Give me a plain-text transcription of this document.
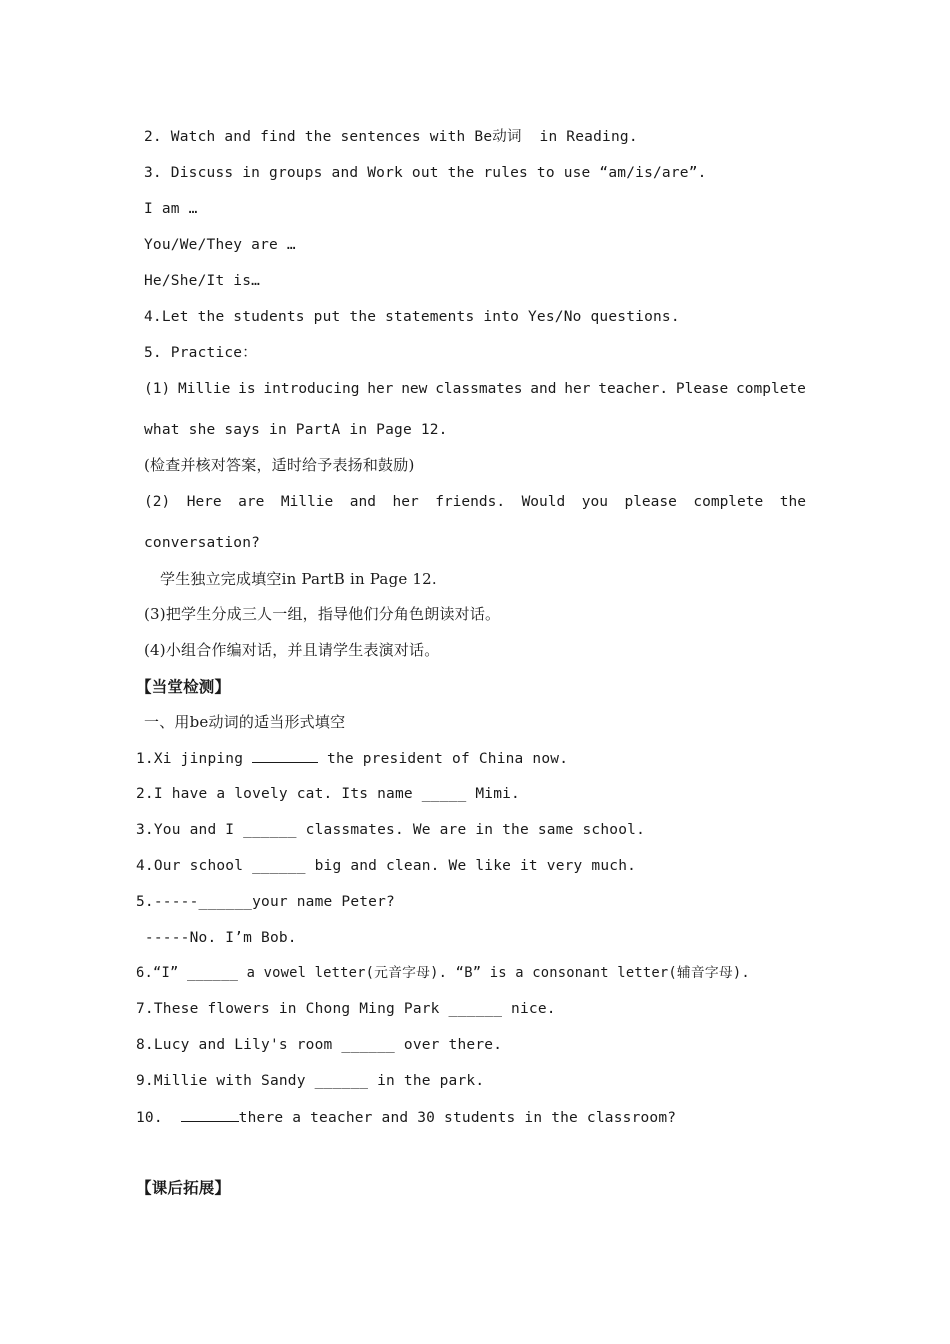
2. Watch and find the sentences with Be动词  in Reading.
3. Discuss in groups and Work out the rules to use “am/is/are”.
I am …
You/We/They are …
He/She/It is…
4.Let the students put the statements into Yes/No questions.
5. Practice：
(1) Millie is introducing her new classmates and her teacher. Please complete
what she says in PartA in Page 12.
(检查并核对答案，适时给予表扬和鼓励)
(2) Here are Millie and her friends. Would you please complete the
conversation?
学生独立完成填空in PartB in Page 12.
(3)把学生分成三人一组，指导他们分角色朗读对话。
(4)小组合作编对话，并且请学生表演对话。
【当堂检测】
一、用be动词的适当形式填空
1.Xi jinping	the president of China now.
2.I have a lovely cat. Its name _____ Mimi.
3.You and I ______ classmates. We are in the same school.
4.Our school ______ big and clean. We like it very much.
5.-----______your name Peter?
-----No. I’m Bob.
6.“I” ______ a vowel letter(元音字母). “B” is a consonant letter(辅音字母).
7.These flowers in Chong Ming Park ______ nice.
8.Lucy and Lily's room ______ over there.
9.Millie with Sandy ______ in the park.
10.	there a teacher and 30 students in the classroom?
【课后拓展】
